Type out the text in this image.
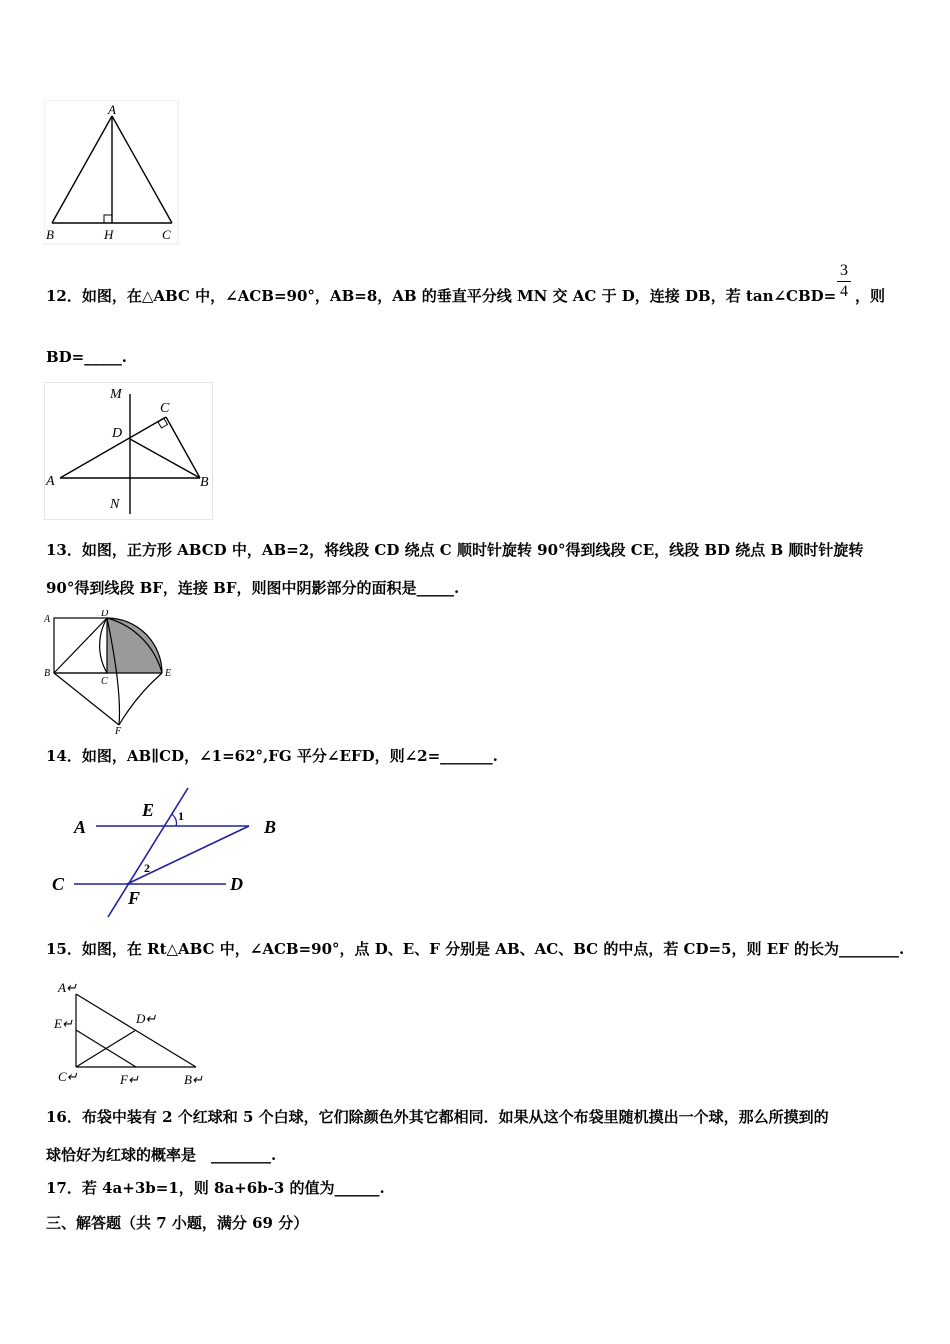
A
B	H	C
12．如图，在△ABC 中，∠ACB=90°，AB=8，AB 的垂直平分线 MN 交 AC 于 D，连接 DB，若 tan∠CBD=
3
4 ，则
BD=_____.
M
C
D
A	B
N
13．如图，正方形 ABCD 中，AB=2，将线段 CD 绕点 C 顺时针旋转 90°得到线段 CE，线段 BD 绕点 B 顺时针旋转
90°得到线段 BF，连接 BF，则图中阴影部分的面积是_____.
A
D
B
C
E
F
14．如图，AB∥CD，∠1=62°,FG 平分∠EFD，则∠2=_______.
A
E 1
B
C
2
F
D
15．如图，在 Rt△ABC 中，∠ACB=90°，点 D、E、F 分别是 AB、AC、BC 的中点，若 CD=5，则 EF 的长为________.
A↵
E↵	D↵
C↵	F↵	B↵
16．布袋中装有 2 个红球和 5 个白球，它们除颜色外其它都相同．如果从这个布袋里随机摸出一个球，那么所摸到的
球恰好为红球的概率是　________.
17．若 4a+3b=1，则 8a+6b-3 的值为______.
三、解答题（共 7 小题，满分 69 分）
